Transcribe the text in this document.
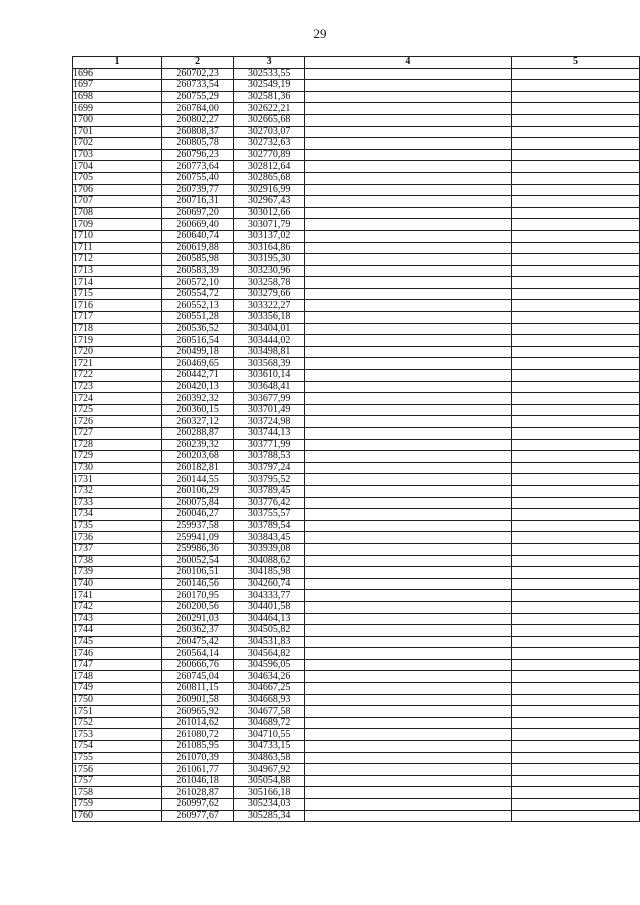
29
1	2	3	4	5
1696	260702,23	302533,55		
1697	260733,54	302549,19		
1698	260755,29	302581,36		
1699	260784,00	302622,21		
1700	260802,27	302665,68		
1701	260808,37	302703,07		
1702	260805,78	302732,63		
1703	260796,23	302770,89		
1704	260773,64	302812,64		
1705	260755,40	302865,68		
1706	260739,77	302916,99		
1707	260716,31	302967,43		
1708	260697,20	303012,66		
1709	260669,40	303071,79		
1710	260640,74	303137,02		
1711	260619,88	303164,86		
1712	260585,98	303195,30		
1713	260583,39	303230,96		
1714	260572,10	303258,78		
1715	260554,72	303279,66		
1716	260552,13	303322,27		
1717	260551,28	303356,18		
1718	260536,52	303404,01		
1719	260516,54	303444,02		
1720	260499,18	303498,81		
1721	260469,65	303568,39		
1722	260442,71	303610,14		
1723	260420,13	303648,41		
1724	260392,32	303677,99		
1725	260360,15	303701,49		
1726	260327,12	303724,98		
1727	260288,87	303744,13		
1728	260239,32	303771,99		
1729	260203,68	303788,53		
1730	260182,81	303797,24		
1731	260144,55	303795,52		
1732	260106,29	303789,45		
1733	260075,84	303776,42		
1734	260046,27	303755,57		
1735	259937,58	303789,54		
1736	259941,09	303843,45		
1737	259986,36	303939,08		
1738	260052,54	304088,62		
1739	260106,51	304185,98		
1740	260146,56	304260,74		
1741	260170,95	304333,77		
1742	260200,56	304401,58		
1743	260291,03	304464,13		
1744	260362,37	304505,82		
1745	260475,42	304531,83		
1746	260564,14	304564,82		
1747	260666,76	304596,05		
1748	260745,04	304634,26		
1749	260811,15	304667,25		
1750	260901,58	304668,93		
1751	260965,92	304677,58		
1752	261014,62	304689,72		
1753	261080,72	304710,55		
1754	261085,95	304733,15		
1755	261070,39	304863,58		
1756	261061,77	304967,92		
1757	261046,18	305054,88		
1758	261028,87	305166,18		
1759	260997,62	305234,03		
1760	260977,67	305285,34		
